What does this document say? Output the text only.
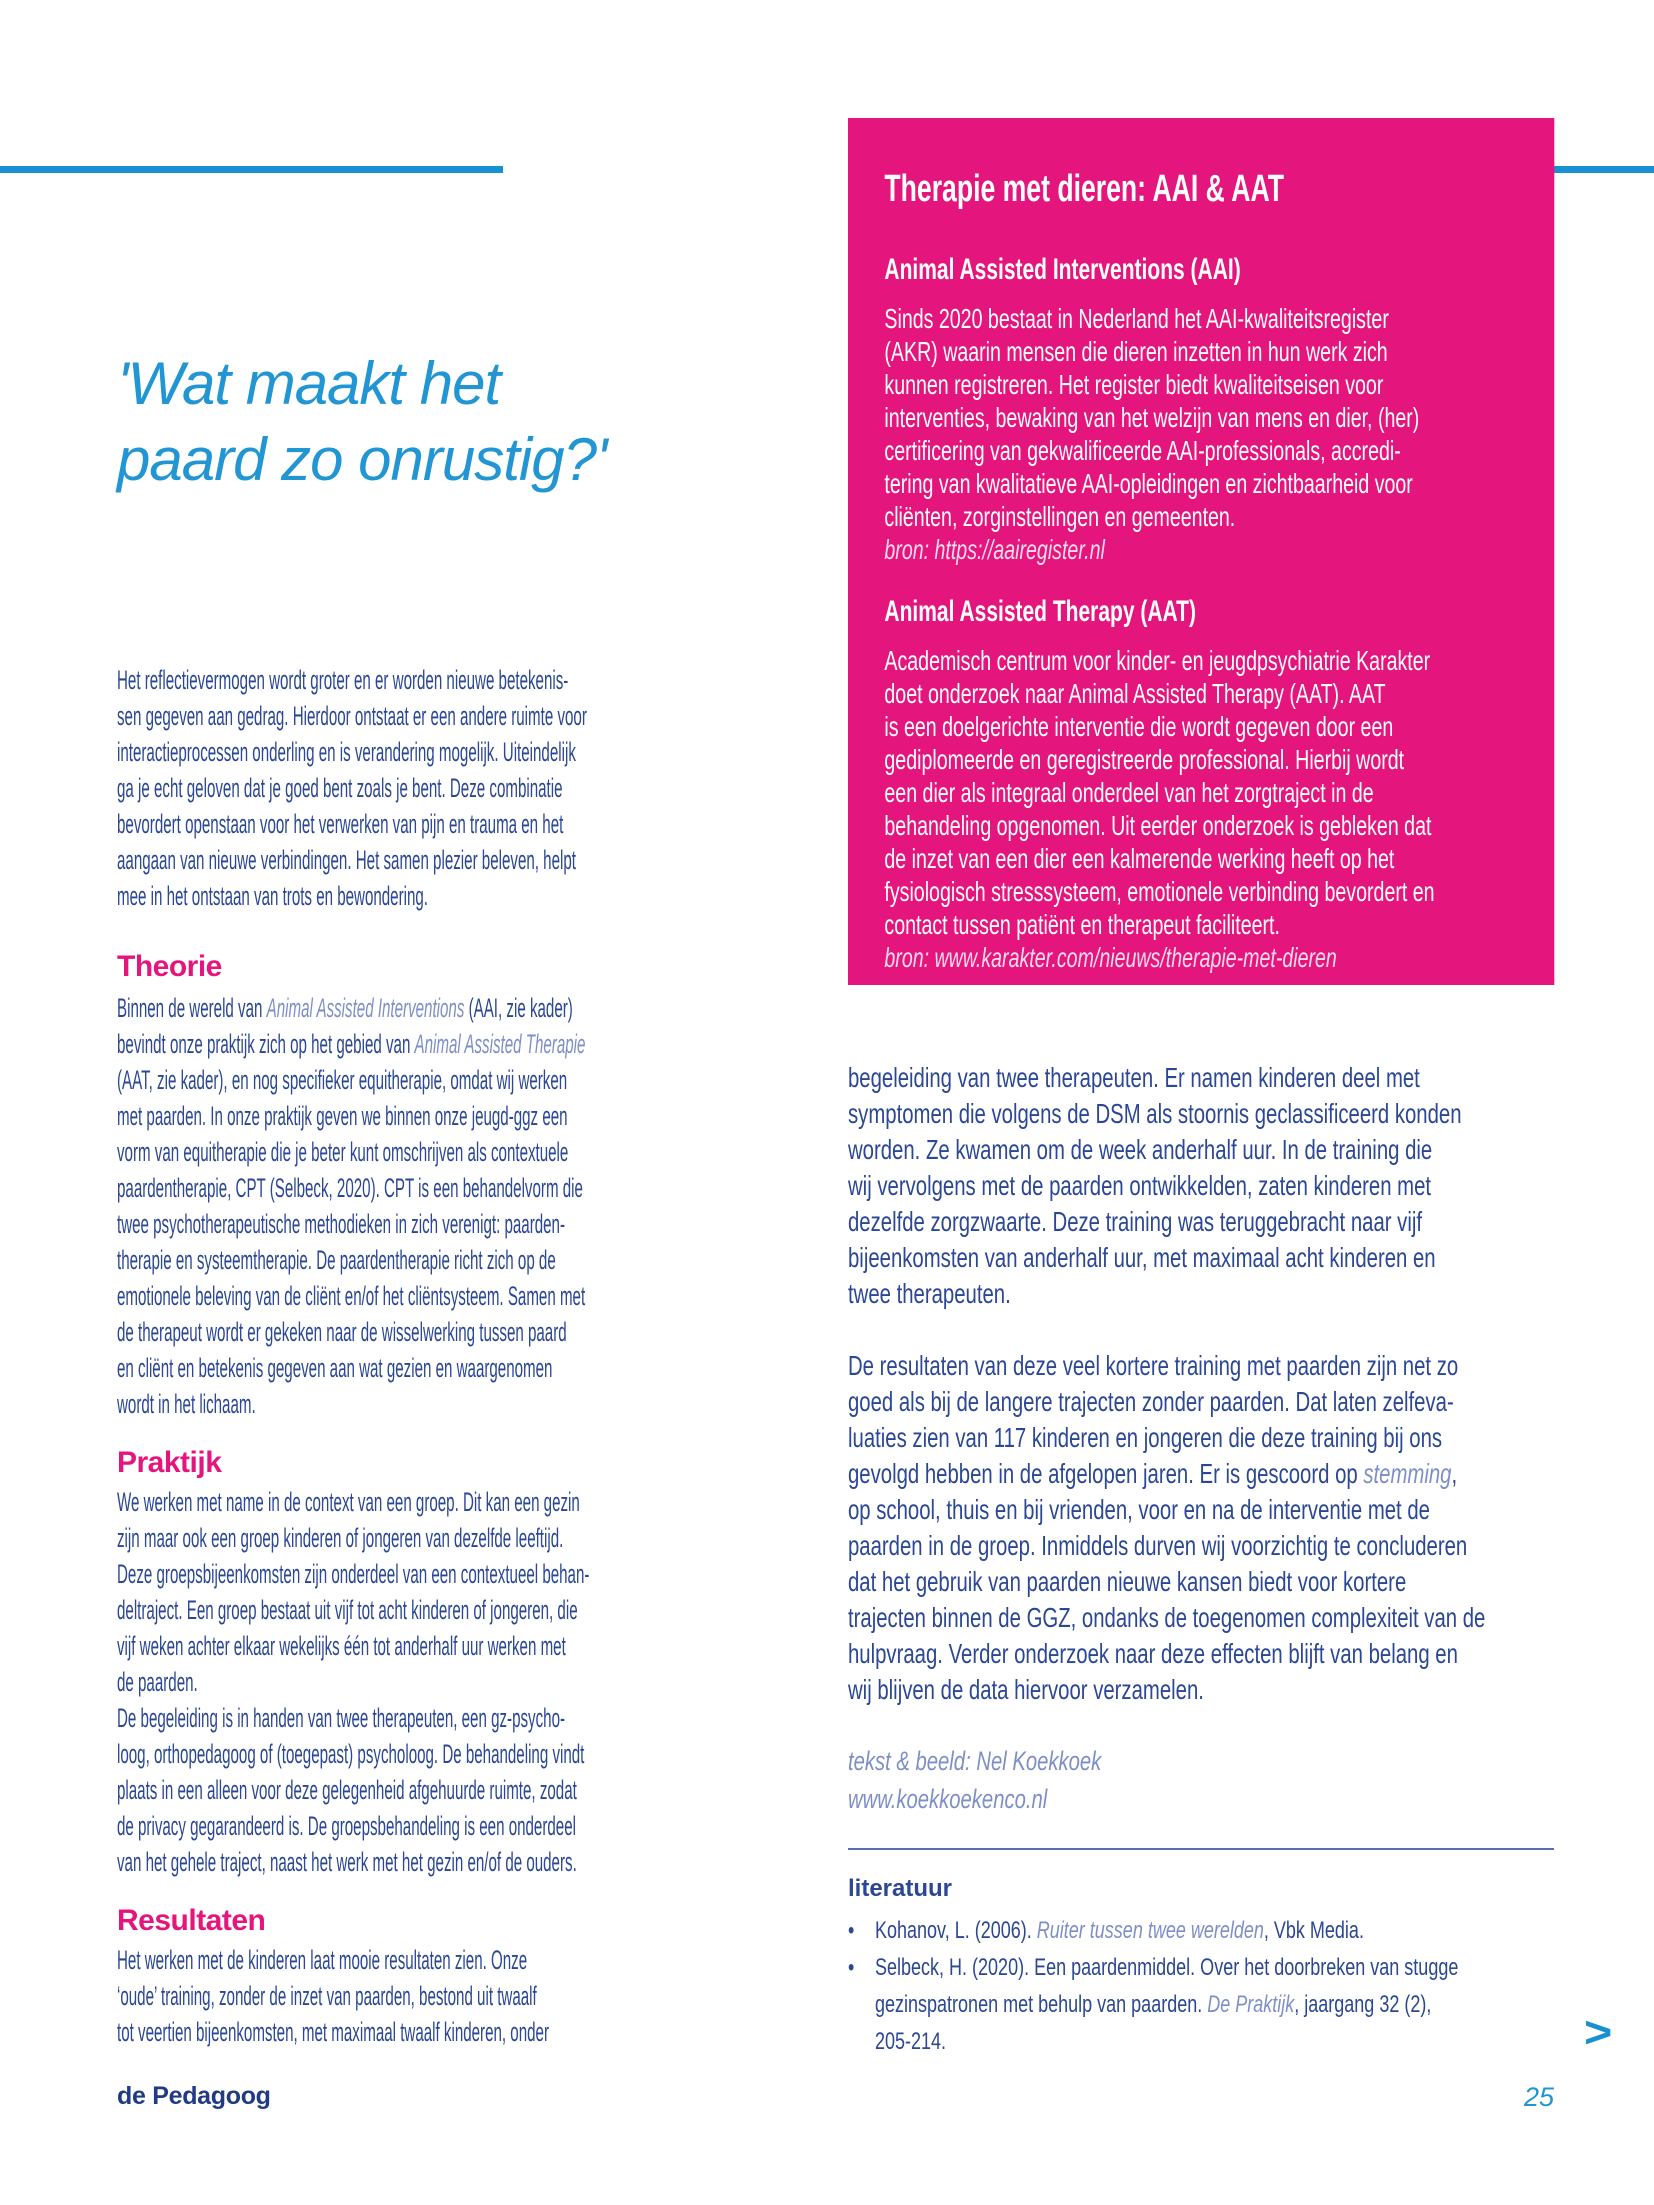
'Wat maakt het
paard zo onrustig?'
Het reflectievermogen wordt groter en er worden nieuwe betekenis-
sen gegeven aan gedrag. Hierdoor ontstaat er een andere ruimte voor
interactieprocessen onderling en is verandering mogelijk. Uiteindelijk
ga je echt geloven dat je goed bent zoals je bent. Deze combinatie
bevordert openstaan voor het verwerken van pijn en trauma en het
aangaan van nieuwe verbindingen. Het samen plezier beleven, helpt
mee in het ontstaan van trots en bewondering.
Theorie
Binnen de wereld van Animal Assisted Interventions (AAI, zie kader)
bevindt onze praktijk zich op het gebied van Animal Assisted Therapie
(AAT, zie kader), en nog specifieker equitherapie, omdat wij werken
met paarden. In onze praktijk geven we binnen onze jeugd-ggz een
vorm van equitherapie die je beter kunt omschrijven als contextuele
paardentherapie, CPT (Selbeck, 2020). CPT is een behandelvorm die
twee psychotherapeutische methodieken in zich verenigt: paarden-
therapie en systeemtherapie. De paardentherapie richt zich op de
emotionele beleving van de cliënt en/of het cliëntsysteem. Samen met
de therapeut wordt er gekeken naar de wisselwerking tussen paard
en cliënt en betekenis gegeven aan wat gezien en waargenomen
wordt in het lichaam.
Praktijk
We werken met name in de context van een groep. Dit kan een gezin
zijn maar ook een groep kinderen of jongeren van dezelfde leeftijd.
Deze groepsbijeenkomsten zijn onderdeel van een contextueel behan-
deltraject. Een groep bestaat uit vijf tot acht kinderen of jongeren, die
vijf weken achter elkaar wekelijks één tot anderhalf uur werken met
de paarden.
De begeleiding is in handen van twee therapeuten, een gz-psycho-
loog, orthopedagoog of (toegepast) psycholoog. De behandeling vindt
plaats in een alleen voor deze gelegenheid afgehuurde ruimte, zodat
de privacy gegarandeerd is. De groepsbehandeling is een onderdeel
van het gehele traject, naast het werk met het gezin en/of de ouders.
Resultaten
Het werken met de kinderen laat mooie resultaten zien. Onze
‘oude’ training, zonder de inzet van paarden, bestond uit twaalf
tot veertien bijeenkomsten, met maximaal twaalf kinderen, onder
Therapie met dieren: AAI & AAT
Animal Assisted Interventions (AAI)
Sinds 2020 bestaat in Nederland het AAI-kwaliteitsregister
(AKR) waarin mensen die dieren inzetten in hun werk zich
kunnen registreren. Het register biedt kwaliteitseisen voor
interventies, bewaking van het welzijn van mens en dier, (her)
certificering van gekwalificeerde AAI-professionals, accredi-
tering van kwalitatieve AAI-opleidingen en zichtbaarheid voor
cliënten, zorginstellingen en gemeenten.
bron: https://aairegister.nl
Animal Assisted Therapy (AAT)
Academisch centrum voor kinder- en jeugdpsychiatrie Karakter
doet onderzoek naar Animal Assisted Therapy (AAT). AAT
is een doelgerichte interventie die wordt gegeven door een
gediplomeerde en geregistreerde professional. Hierbij wordt
een dier als integraal onderdeel van het zorgtraject in de
behandeling opgenomen. Uit eerder onderzoek is gebleken dat
de inzet van een dier een kalmerende werking heeft op het
fysiologisch stresssysteem, emotionele verbinding bevordert en
contact tussen patiënt en therapeut faciliteert.
bron: www.karakter.com/nieuws/therapie-met-dieren
begeleiding van twee therapeuten. Er namen kinderen deel met
symptomen die volgens de DSM als stoornis geclassificeerd konden
worden. Ze kwamen om de week anderhalf uur. In de training die
wij vervolgens met de paarden ontwikkelden, zaten kinderen met
dezelfde zorgzwaarte. Deze training was teruggebracht naar vijf
bijeenkomsten van anderhalf uur, met maximaal acht kinderen en
twee therapeuten.
De resultaten van deze veel kortere training met paarden zijn net zo
goed als bij de langere trajecten zonder paarden. Dat laten zelfeva-
luaties zien van 117 kinderen en jongeren die deze training bij ons
gevolgd hebben in de afgelopen jaren. Er is gescoord op stemming,
op school, thuis en bij vrienden, voor en na de interventie met de
paarden in de groep. Inmiddels durven wij voorzichtig te concluderen
dat het gebruik van paarden nieuwe kansen biedt voor kortere
trajecten binnen de GGZ, ondanks de toegenomen complexiteit van de
hulpvraag. Verder onderzoek naar deze effecten blijft van belang en
wij blijven de data hiervoor verzamelen.
tekst & beeld: Nel Koekkoek
www.koekkoekenco.nl
literatuur
• Kohanov, L. (2006). Ruiter tussen twee werelden, Vbk Media.
• Selbeck, H. (2020). Een paardenmiddel. Over het doorbreken van stugge
gezinspatronen met behulp van paarden. De Praktijk, jaargang 32 (2),
205-214.	>
de Pedagoog	25
